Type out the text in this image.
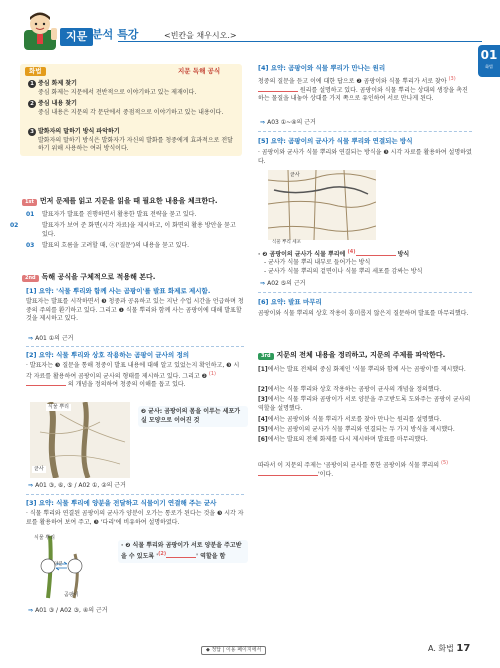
지문 분석 특강	<빈칸을 채우시오.>
01
화법
화법	지문 독해 공식
1 중심 화제 찾기
중심 화제는 지문에서 전반적으로 이야기하고 있는 제재이다.
2 중심 내용 찾기
중심 내용은 지문의 각 문단에서 중점적으로 이야기하고 있는 내용이다.
3 발화자의 말하기 방식 파악하기
발화자의 말하기 방식은 발화자가 자신의 발화를 청중에게 효과적으로 전달하기 위해 사용하는 여러 방식이다.
1st 먼저 문제를 읽고 지문을 읽을 때 필요한 내용을 체크한다.
01 발표자가 발표를 진행하면서 활용한 발표 전략을 묻고 있다.
02	발표자가 보여 준 화면(시각 자료)을 제시하고, 이 화면의 활용 방안을 묻고 있다.
03 발표의 흐름을 고려할 때, ⓐ('질문')의 내용을 묻고 있다.
2nd 독해 공식을 구체적으로 적용해 본다.
[1] 요약: '식물 뿌리와 함께 사는 곰팡이'를 발표 화제로 제시함.
발표자는 발표를 시작하면서 ❸ 청중과 공유하고 있는 지난 수업 시간을 언급하며 청중의 주의를 환기하고 있다. 그리고 ❶ 식물 뿌리와 함께 사는 곰팡이에 대해 발표할 것을 제시하고 있다.
⇒ A01 ①의 근거
[2] 요약: 식물 뿌리와 상호 작용하는 곰팡이 균사의 정의
· 발표자는 ❸ 질문을 통해 청중이 발표 내용에 대해 알고 있었는지 확인하고, ❸ 시각 자료를 활용하여 곰팡이의 균사의 형태를 제시하고 있다. 그리고 ❷ $^{(1)}$ 의 개념을 정의하여 청중의 이해를 돕고 있다.
식물 뿌리
균사
❷ 균사: 곰팡이의 몸을 이루는 세포가 실 모양으로 이어진 것
⇒ A01 ③, ⑥, ⑤ / A02 ①, ②의 근거
[3] 요약: 식물 뿌리에 양분을 전달하고 식물이기 연결해 주는 균사
· 식물 뿌리와 연결된 곰팡이의 균사가 양분이 오가는 통로가 된다는 것을 ❸ 시각 자료를 활용하여 보여 주고, ❸ '다리'에 비유하여 설명하였다.
식물 뿌리
양분
곰팡이
· ❷ 식물 뿌리와 곰팡이가 서로 양분을 주고받을 수 있도록 '$^{(2)}$	' 역할을 함
⇒ A01 ③ / A02 ③, ④의 근거
[4] 요약: 곰팡이와 식물 뿌리가 만나는 원리
청중의 질문을 듣고 이에 대한 답으로 ❷ 곰팡이와 식물 뿌리가 서로 찾아 $^{(3)}$ 원리를 설명하고 있다. 곰팡이와 식물 뿌리는 상대의 생장을 촉진하는 물질을 내놓아 상대를 가지 쪽으로 유인하여 서로 만나게 된다.
⇒ A03 ①~④의 근거
[5] 요약: 곰팡이의 균사가 식물 뿌리와 연결되는 방식
· 곰팡이와 균사가 식물 뿌리와 연결되는 방식을 ❸ 시각 자료를 활용하여 설명하였다.
균사
식물 뿌리 세포
· ❷ 곰팡이의 균사가 식물 뿌리에 $^{(4)}$	방식
- 균사가 식물 뿌리 내부로 들어가는 방식
- 균사가 식물 뿌리의 겉면이나 식물 뿌리 세포를 감싸는 방식
⇒ A02 ⑤의 근거
[6] 요약: 발표 마무리
곰팡이와 식물 뿌리의 상호 작용이 흥미롭지 않은지 질문하며 발표를 마무리했다.
3rd 지문의 전체 내용을 정리하고, 지문의 주제를 파악한다.
[1]에서는 발표 전체의 중심 화제인 '식물 뿌리와 함께 사는 곰팡이'를 제시했다.
[2]에서는 식물 뿌리와 상호 작용하는 곰팡이 균사의 개념을 정의했다.
[3]에서는 식물 뿌리와 곰팡이가 서로 양분을 주고받도록 도와주는 곰팡이 균사의 역할을 설명했다.
[4]에서는 곰팡이와 식물 뿌리가 서로를 찾아 만나는 원리를 설명했다.
[5]에서는 곰팡이의 균사가 식물 뿌리와 연결되는 두 가지 방식을 제시했다.
[6]에서는 발표의 전체 화제를 다시 제시하며 발표를 마무리했다.
따라서 이 지문의 주제는 '곰팡이의 균사를 통한 곰팡이와 식물 뿌리의 $^{(5)}$'이다.
◆ 정답 | 이용 페이지에서	A. 화법 17
